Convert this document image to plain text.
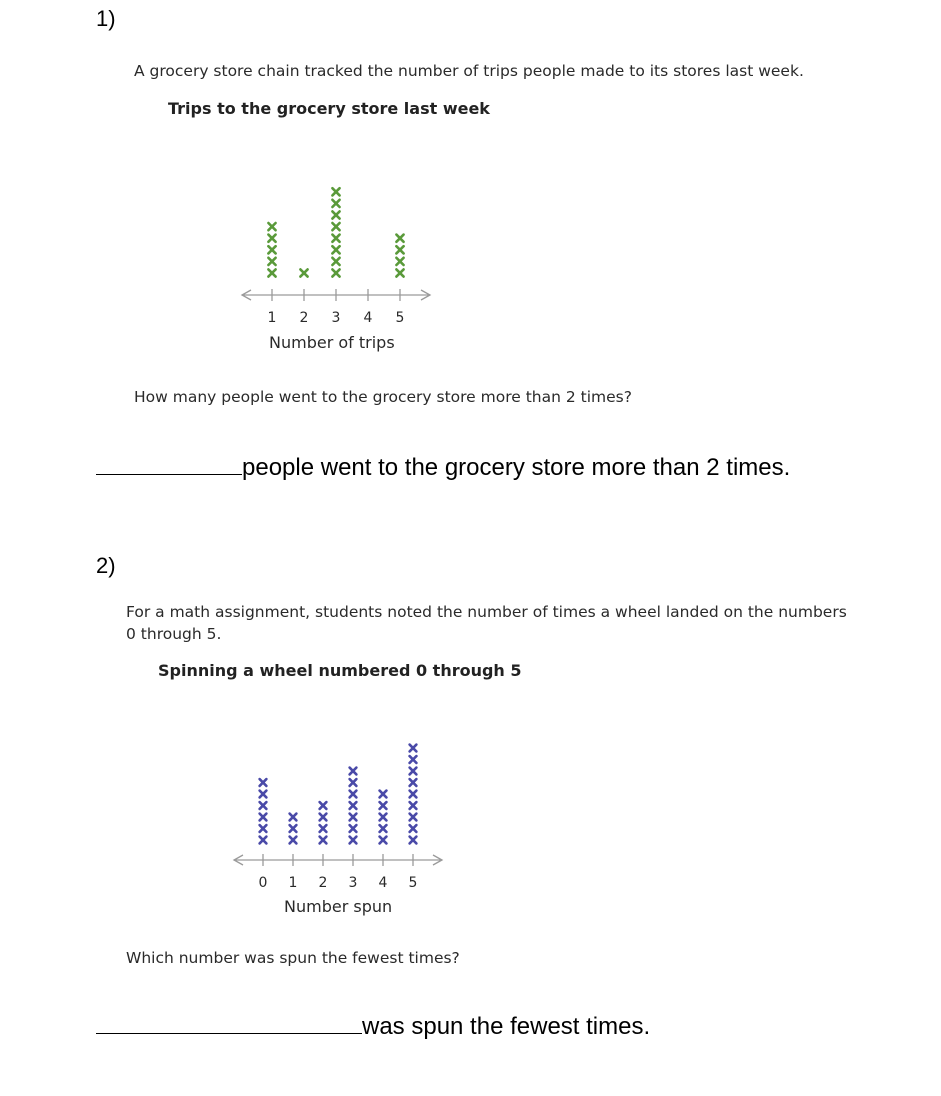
1)
A grocery store chain tracked the number of trips people made to its stores last week.
Trips to the grocery store last week
1 2 3 4 5
Number of trips
How many people went to the grocery store more than 2 times?
people went to the grocery store more than 2 times.
2)
For a math assignment, students noted the number of times a wheel landed on the numbers
0 through 5.
Spinning a wheel numbered 0 through 5
0 1 2 3 4 5
Number spun
Which number was spun the fewest times?
was spun the fewest times.
